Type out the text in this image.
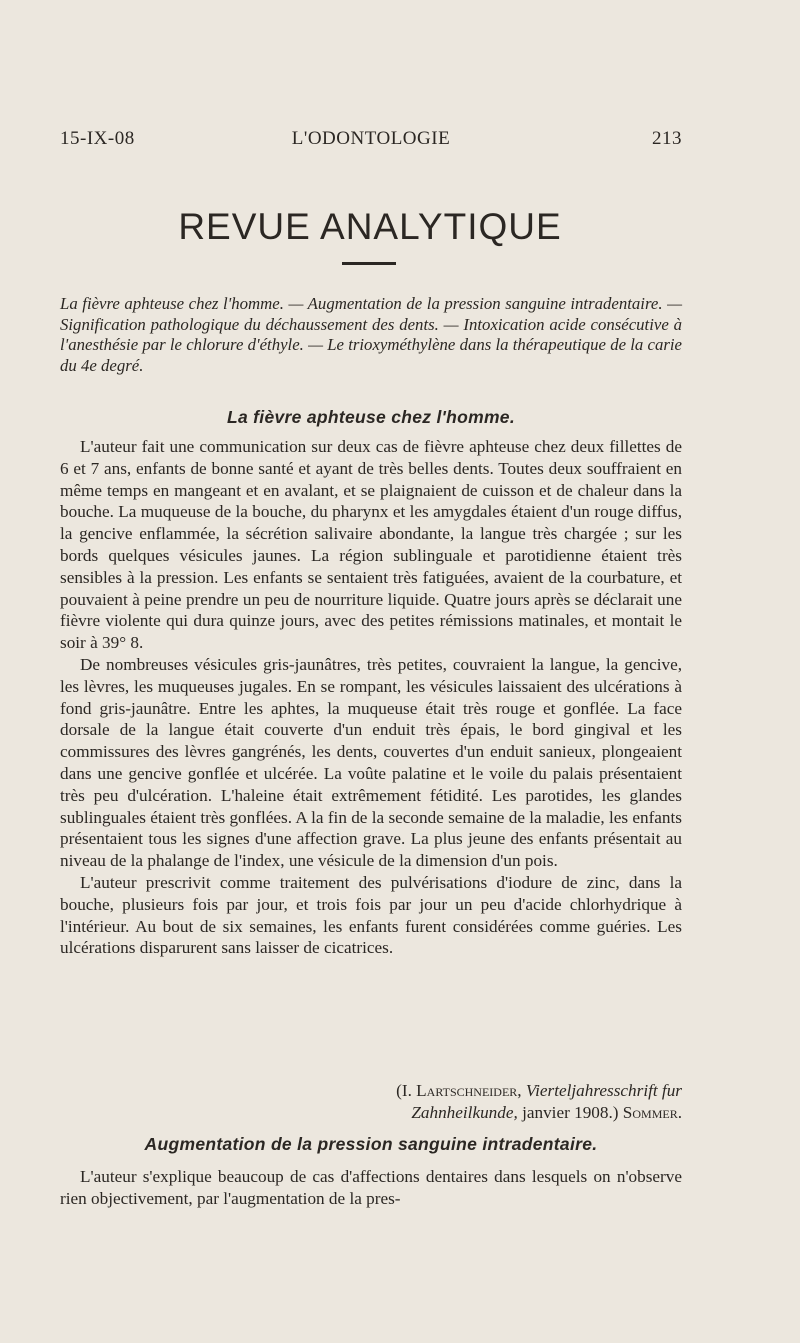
15-IX-08	L'ODONTOLOGIE	213
REVUE ANALYTIQUE

La fièvre aphteuse chez l'homme. — Augmentation de la pression sanguine intradentaire. — Signification pathologique du déchaussement des dents. — Intoxication acide consécutive à l'anesthésie par le chlorure d'éthyle. — Le trioxyméthylène dans la thérapeutique de la carie du 4e degré.

La fièvre aphteuse chez l'homme.

L'auteur fait une communication sur deux cas de fièvre aphteuse chez deux fillettes de 6 et 7 ans, enfants de bonne santé et ayant de très belles dents. Toutes deux souffraient en même temps en mangeant et en avalant, et se plaignaient de cuisson et de chaleur dans la bouche. La muqueuse de la bouche, du pharynx et les amygdales étaient d'un rouge diffus, la gencive enflammée, la sécrétion salivaire abondante, la langue très chargée ; sur les bords quelques vésicules jaunes. La région sublinguale et parotidienne étaient très sensibles à la pression. Les enfants se sentaient très fatiguées, avaient de la courbature, et pouvaient à peine prendre un peu de nourriture liquide. Quatre jours après se déclarait une fièvre violente qui dura quinze jours, avec des petites rémissions matinales, et montait le soir à 39° 8.

De nombreuses vésicules gris-jaunâtres, très petites, couvraient la langue, la gencive, les lèvres, les muqueuses jugales. En se rompant, les vésicules laissaient des ulcérations à fond gris-jaunâtre. Entre les aphtes, la muqueuse était très rouge et gonflée. La face dorsale de la langue était couverte d'un enduit très épais, le bord gingival et les commissures des lèvres gangrénés, les dents, couvertes d'un enduit sanieux, plongeaient dans une gencive gonflée et ulcérée. La voûte palatine et le voile du palais présentaient très peu d'ulcération. L'haleine était extrêmement fétidité. Les parotides, les glandes sublinguales étaient très gonflées. A la fin de la seconde semaine de la maladie, les enfants présentaient tous les signes d'une affection grave. La plus jeune des enfants présentait au niveau de la phalange de l'index, une vésicule de la dimension d'un pois.

L'auteur prescrivit comme traitement des pulvérisations d'iodure de zinc, dans la bouche, plusieurs fois par jour, et trois fois par jour un peu d'acide chlorhydrique à l'intérieur. Au bout de six semaines, les enfants furent considérées comme guéries. Les ulcérations disparurent sans laisser de cicatrices.

(I. Lartschneider, Vierteljahresschrift fur
Zahnheilkunde, janvier 1908.) Sommer.
Augmentation de la pression sanguine intradentaire.

L'auteur s'explique beaucoup de cas d'affections dentaires dans lesquels on n'observe rien objectivement, par l'augmentation de la pres-
